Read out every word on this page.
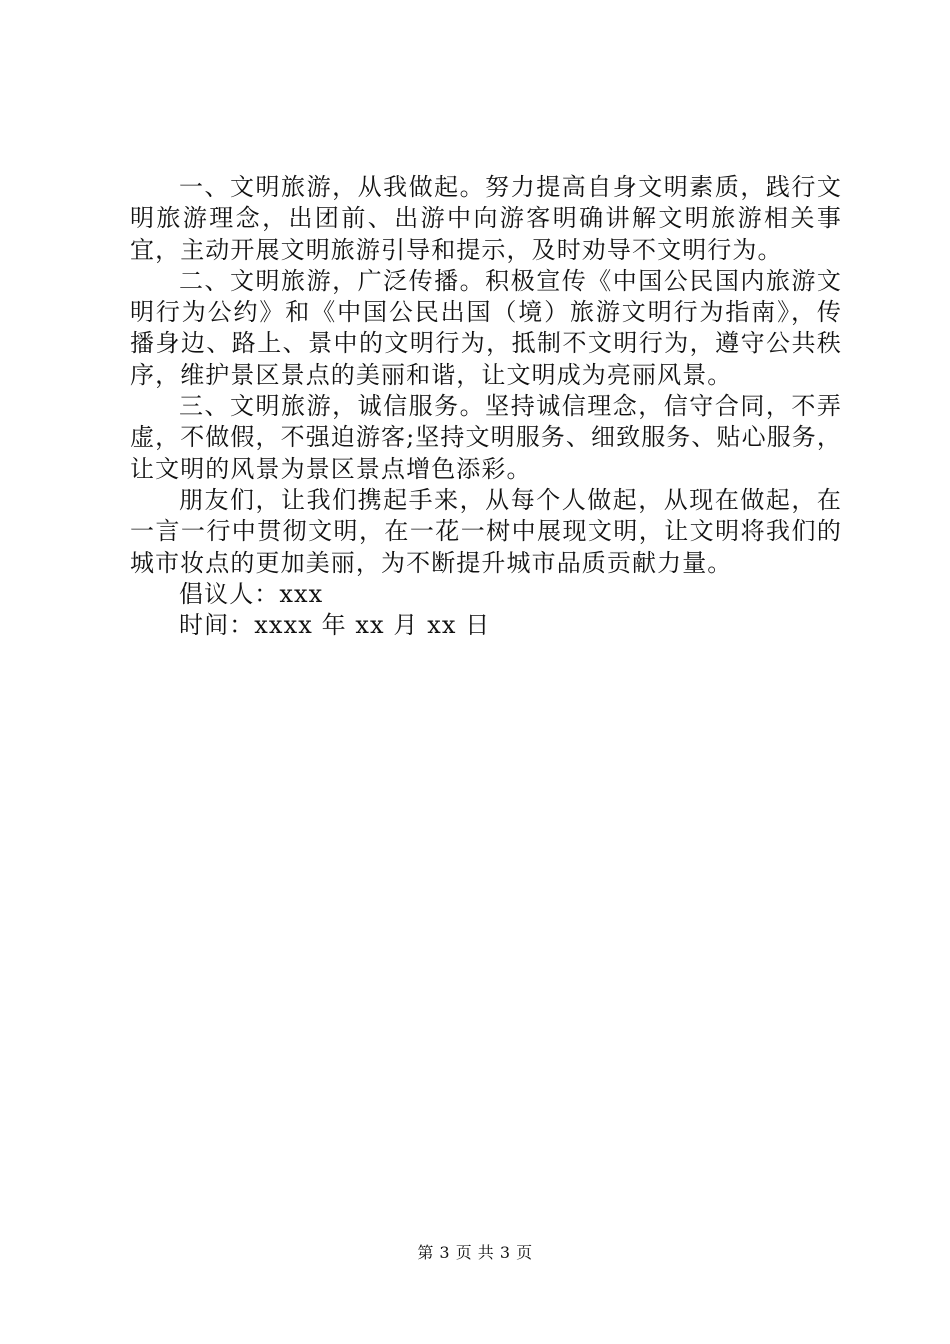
一、文明旅游，从我做起。努力提高自身文明素质，践行文明旅游理念，出团前、出游中向游客明确讲解文明旅游相关事宜，主动开展文明旅游引导和提示，及时劝导不文明行为。

二、文明旅游，广泛传播。积极宣传《中国公民国内旅游文明行为公约》和《中国公民出国（境）旅游文明行为指南》，传播身边、路上、景中的文明行为，抵制不文明行为，遵守公共秩序，维护景区景点的美丽和谐，让文明成为亮丽风景。

三、文明旅游，诚信服务。坚持诚信理念，信守合同，不弄虚，不做假，不强迫游客;坚持文明服务、细致服务、贴心服务，让文明的风景为景区景点增色添彩。

朋友们，让我们携起手来，从每个人做起，从现在做起，在一言一行中贯彻文明，在一花一树中展现文明，让文明将我们的城市妆点的更加美丽，为不断提升城市品质贡献力量。

倡议人：xxx

时间：xxxx 年 xx 月 xx 日

第 3 页 共 3 页
